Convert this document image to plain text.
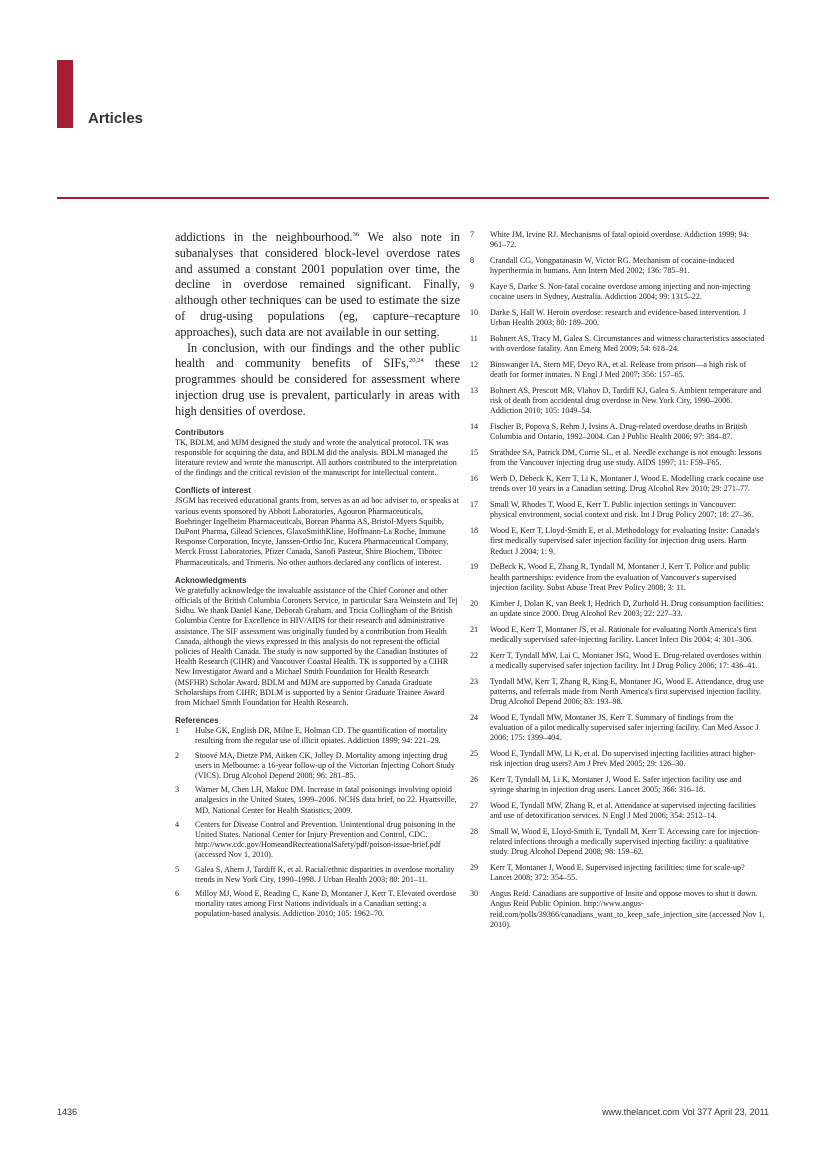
Articles

addictions in the neighbourhood.$^{36}$ We also note in subanalyses that considered block-level overdose rates and assumed a constant 2001 population over time, the decline in overdose remained significant. Finally, although other techniques can be used to estimate the size of drug-using populations (eg, capture–recapture approaches), such data are not available in our setting.

In conclusion, with our findings and the other public health and community benefits of SIFs,$^{20,24}$ these programmes should be considered for assessment where injection drug use is prevalent, particularly in areas with high densities of overdose.

Contributors

TK, BDLM, and MJM designed the study and wrote the analytical protocol. TK was responsible for acquiring the data, and BDLM did the analysis. BDLM managed the literature review and wrote the manuscript. All authors contributed to the interpretation of the findings and the critical revision of the manuscript for intellectual content.

Conflicts of interest

JSGM has received educational grants from, serves as an ad hoc adviser to, or speaks at various events sponsored by Abbott Laboratories, Agouron Pharmaceuticals, Boehringer Ingelheim Pharmaceuticals, Borean Pharma AS, Bristol-Myers Squibb, DuPont Pharma, Gilead Sciences, GlaxoSmithKline, Hoffmann-La Roche, Immune Response Corporation, Incyte, Janssen-Ortho Inc, Kucera Pharmaceutical Company, Merck Frosst Laboratories, Pfizer Canada, Sanofi Pasteur, Shire Biochem, Tibotec Pharmaceuticals, and Trimeris. No other authors declared any conflicts of interest.

Acknowledgments

We gratefully acknowledge the invaluable assistance of the Chief Coroner and other officials of the British Columbia Coroners Service, in particular Sara Weinstein and Tej Sidhu. We thank Daniel Kane, Deborah Graham, and Tricia Collingham of the British Columbia Centre for Excellence in HIV/AIDS for their research and administrative assistance. The SIF assessment was originally funded by a contribution from Health Canada, although the views expressed in this analysis do not represent the official policies of Health Canada. The study is now supported by the Canadian Institutes of Health Research (CIHR) and Vancouver Coastal Health. TK is supported by a CIHR New Investigator Award and a Michael Smith Foundation for Health Research (MSFHR) Scholar Award. BDLM and MJM are supported by Canada Graduate Scholarships from CIHR; BDLM is supported by a Senior Graduate Trainee Award from Michael Smith Foundation for Health Research.

References
1	Hulse GK, English DR, Milne E, Holman CD. The quantification of mortality resulting from the regular use of illicit opiates. Addiction 1999; 94: 221–29.
2	Stoové MA, Dietze PM, Aitken CK, Jolley D. Mortality among injecting drug users in Melbourne: a 16-year follow-up of the Victorian Injecting Cohort Study (VICS). Drug Alcohol Depend 2008; 96: 281–85.
3	Warner M, Chen LH, Makuc DM. Increase in fatal poisonings involving opioid analgesics in the United States, 1999–2006. NCHS data brief, no 22. Hyattsville, MD, National Center for Health Statistics; 2009.
4	Centers for Disease Control and Prevention. Unintentional drug poisoning in the United States. National Center for Injury Prevention and Control, CDC. http://www.cdc.gov/HomeandRecreationalSafety/pdf/poison-issue-brief.pdf (accessed Nov 1, 2010).
5	Galea S, Ahern J, Tardiff K, et al. Racial/ethnic disparities in overdose mortality trends in New York City, 1990–1998. J Urban Health 2003; 80: 201–11.
6	Milloy MJ, Wood E, Reading C, Kane D, Montaner J, Kerr T. Elevated overdose mortality rates among First Nations individuals in a Canadian setting: a population-based analysis. Addiction 2010; 105: 1962–70.
7	White JM, Irvine RJ. Mechanisms of fatal opioid overdose. Addiction 1999; 94: 961–72.
8	Crandall CG, Vongpatanasin W, Victor RG. Mechanism of cocaine-induced hyperthermia in humans. Ann Intern Med 2002; 136: 785–91.
9	Kaye S, Darke S. Non-fatal cocaine overdose among injecting and non-injecting cocaine users in Sydney, Australia. Addiction 2004; 99: 1315–22.
10	Darke S, Hall W. Heroin overdose: research and evidence-based intervention. J Urban Health 2003; 80: 189–200.
11	Bohnert AS, Tracy M, Galea S. Circumstances and witness characteristics associated with overdose fatality. Ann Emerg Med 2009; 54: 618–24.
12	Binswanger IA, Stern MF, Deyo RA, et al. Release from prison—a high risk of death for former inmates. N Engl J Med 2007; 356: 157–65.
13	Bohnert AS, Prescott MR, Vlahov D, Tardiff KJ, Galea S. Ambient temperature and risk of death from accidental drug overdose in New York City, 1990–2006. Addiction 2010; 105: 1049–54.
14	Fischer B, Popova S, Rehm J, Ivsins A. Drug-related overdose deaths in British Columbia and Ontario, 1992–2004. Can J Public Health 2006; 97: 384–87.
15	Strathdee SA, Patrick DM, Currie SL, et al. Needle exchange is not enough: lessons from the Vancouver injecting drug use study. AIDS 1997; 11: F59–F65.
16	Werb D, Debeck K, Kerr T, Li K, Montaner J, Wood E. Modelling crack cocaine use trends over 10 years in a Canadian setting. Drug Alcohol Rev 2010; 29: 271–77.
17	Small W, Rhodes T, Wood E, Kerr T. Public injection settings in Vancouver: physical environment, social context and risk. Int J Drug Policy 2007; 18: 27–36.
18	Wood E, Kerr T, Lloyd-Smith E, et al. Methodology for evaluating Insite: Canada's first medically supervised safer injection facility for injection drug users. Harm Reduct J 2004; 1: 9.
19	DeBeck K, Wood E, Zhang R, Tyndall M, Montaner J, Kerr T. Police and public health partnerships: evidence from the evaluation of Vancouver's supervised injection facility. Subst Abuse Treat Prev Policy 2008; 3: 11.
20	Kimber J, Dolan K, van Beek I, Hedrich D, Zurhold H. Drug consumption facilities: an update since 2000. Drug Alcohol Rev 2003; 22: 227–33.
21	Wood E, Kerr T, Montaner JS, et al. Rationale for evaluating North America's first medically supervised safer-injecting facility. Lancet Infect Dis 2004; 4: 301–306.
22	Kerr T, Tyndall MW, Lai C, Montaner JSG, Wood E. Drug-related overdoses within a medically supervised safer injection facility. Int J Drug Policy 2006; 17: 436–41.
23	Tyndall MW, Kerr T, Zhang R, King E, Montaner JG, Wood E. Attendance, drug use patterns, and referrals made from North America's first supervised injection facility. Drug Alcohol Depend 2006; 83: 193–98.
24	Wood E, Tyndall MW, Montaner JS, Kerr T. Summary of findings from the evaluation of a pilot medically supervised safer injecting facility. Can Med Assoc J 2006; 175: 1399–404.
25	Wood E, Tyndall MW, Li K, et al. Do supervised injecting facilities attract higher-risk injection drug users? Am J Prev Med 2005; 29: 126–30.
26	Kerr T, Tyndall M, Li K, Montaner J, Wood E. Safer injection facility use and syringe sharing in injection drug users. Lancet 2005; 366: 316–18.
27	Wood E, Tyndall MW, Zhang R, et al. Attendance at supervised injecting facilities and use of detoxification services. N Engl J Med 2006; 354: 2512–14.
28	Small W, Wood E, Lloyd-Smith E, Tyndall M, Kerr T. Accessing care for injection-related infections through a medically supervised injecting facility: a qualitative study. Drug Alcohol Depend 2008; 98: 159–62.
29	Kerr T, Montaner J, Wood E. Supervised injecting facilities: time for scale-up? Lancet 2008; 372: 354–55.
30	Angus Reid. Canadians are supportive of Insite and oppose moves to shut it down. Angus Reid Public Opinion. http://www.angus-reid.com/polls/39366/canadians_want_to_keep_safe_injection_site (accessed Nov 1, 2010).
1436	www.thelancet.com Vol 377 April 23, 2011
